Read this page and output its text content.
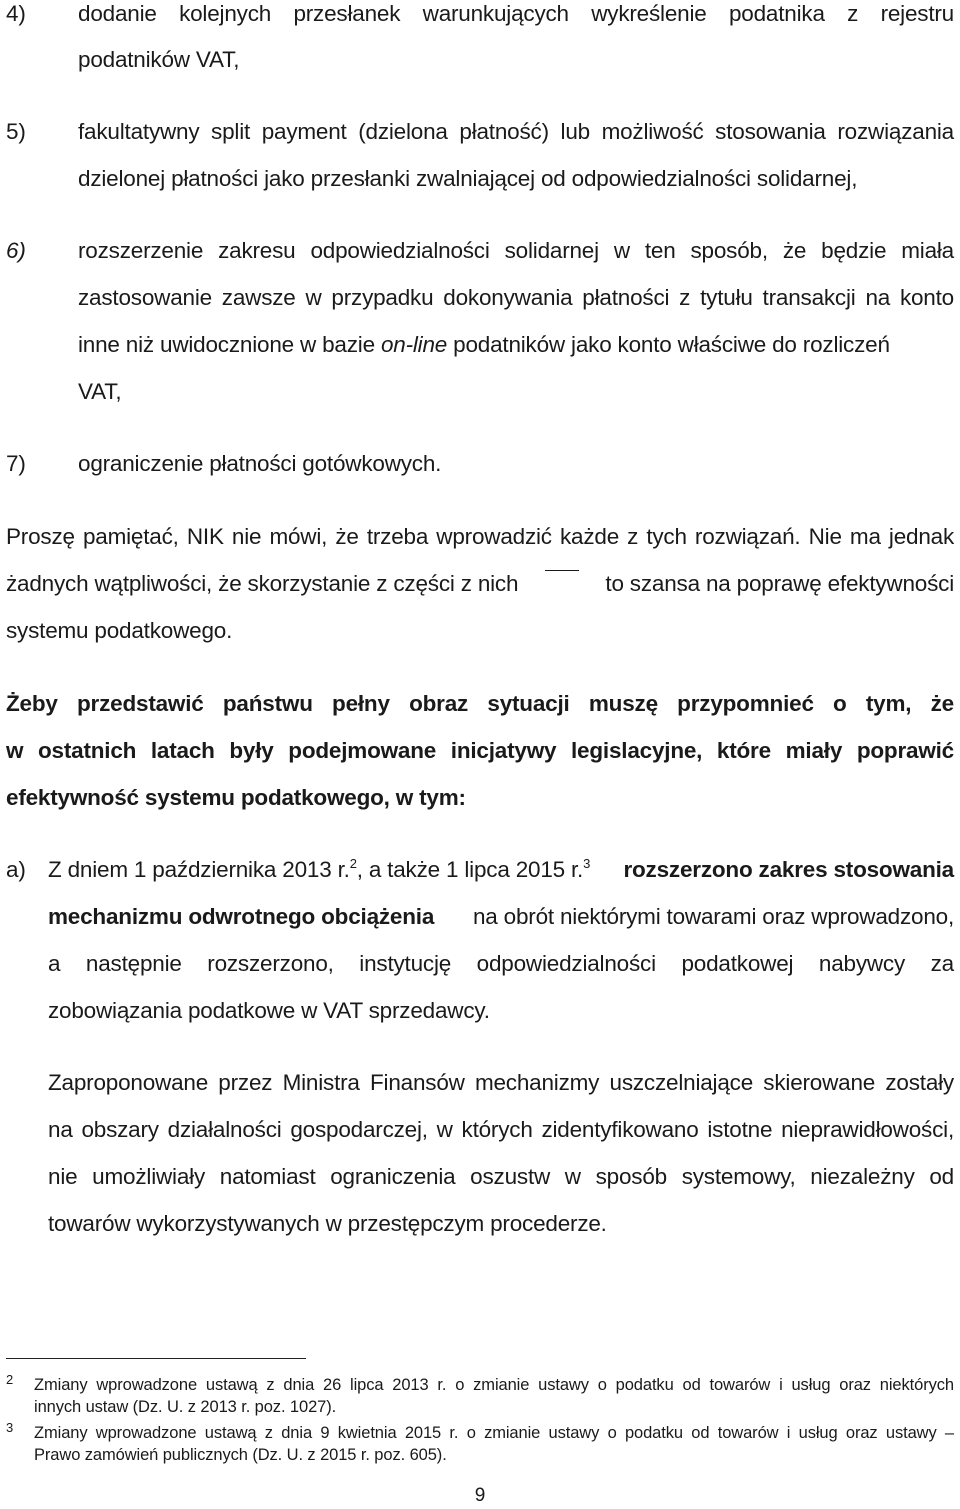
4) dodanie kolejnych przesłanek warunkujących wykreślenie podatnika z rejestru
podatników VAT,
5) fakultatywny split payment (dzielona płatność) lub możliwość stosowania rozwiązania
dzielonej płatności jako przesłanki zwalniającej od odpowiedzialności solidarnej,
6) rozszerzenie zakresu odpowiedzialności solidarnej w ten sposób, że będzie miała
zastosowanie zawsze w przypadku dokonywania płatności z tytułu transakcji na konto
inne niż uwidocznione w bazie on-line podatników jako konto właściwe do rozliczeń
VAT,
7) ograniczenie płatności gotówkowych.
Proszę pamiętać, NIK nie mówi, że trzeba wprowadzić każde z tych rozwiązań. Nie ma jednak
żadnych wątpliwości, że skorzystanie z części z nich	to szansa na poprawę efektywności
systemu podatkowego.
Żeby przedstawić państwu pełny obraz sytuacji muszę przypomnieć o tym, że
w ostatnich latach były podejmowane inicjatywy legislacyjne, które miały poprawić
efektywność systemu podatkowego, w tym:
a) Z dniem 1 października 2013 r.$^2$, a także 1 lipca 2015 r.$^3$ rozszerzono zakres stosowania
mechanizmu odwrotnego obciążenia na obrót niektórymi towarami oraz wprowadzono,
a następnie rozszerzono, instytucję odpowiedzialności podatkowej nabywcy za
zobowiązania podatkowe w VAT sprzedawcy.
Zaproponowane przez Ministra Finansów mechanizmy uszczelniające skierowane zostały
na obszary działalności gospodarczej, w których zidentyfikowano istotne nieprawidłowości,
nie umożliwiały natomiast ograniczenia oszustw w sposób systemowy, niezależny od
towarów wykorzystywanych w przestępczym procederze.
2 Zmiany wprowadzone ustawą z dnia 26 lipca 2013 r. o zmianie ustawy o podatku od towarów i usług oraz niektórych
innych ustaw (Dz. U. z 2013 r. poz. 1027).
3 Zmiany wprowadzone ustawą z dnia 9 kwietnia 2015 r. o zmianie ustawy o podatku od towarów i usług oraz ustawy –
Prawo zamówień publicznych (Dz. U. z 2015 r. poz. 605).
9
